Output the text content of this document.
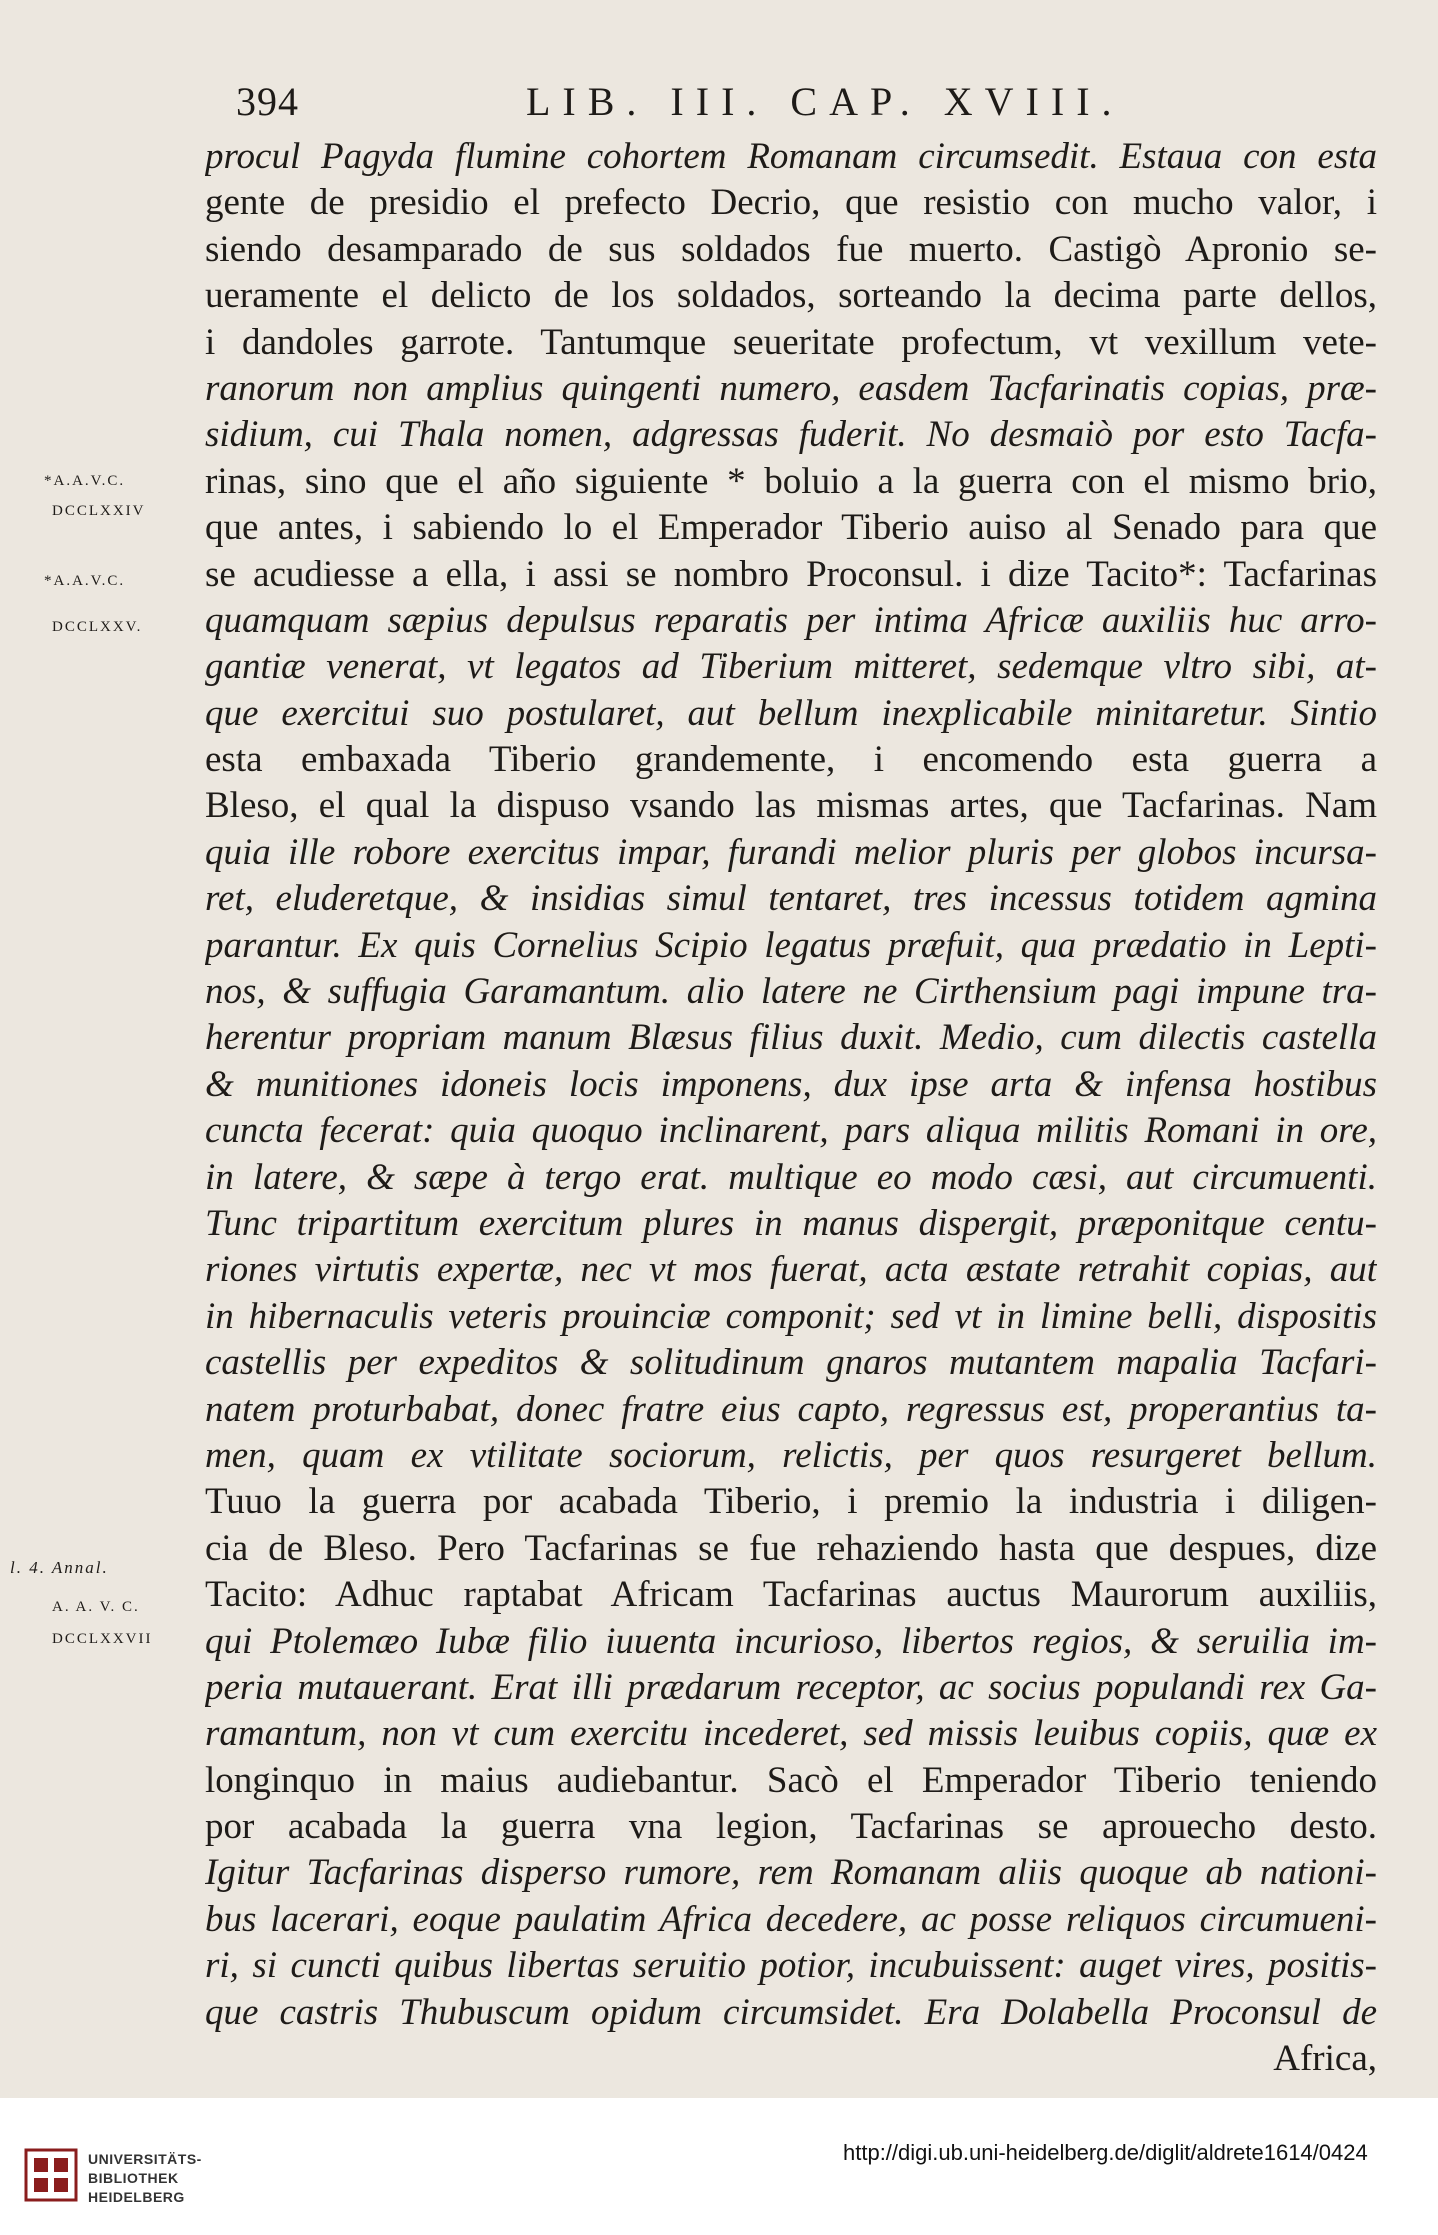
394	LIB. III. CAP. XVIII.
*A.A.V.C.
DCCLXXIV
*A.A.V.C.
DCCLXXV.
l. 4. Annal.
A. A. V. C.
DCCLXXVII
procul Pagyda flumine cohortem Romanam circumsedit. Estaua con esta
gente de presidio el prefecto Decrio, que resistio con mucho valor, i
siendo desamparado de sus soldados fue muerto. Castigò Apronio se-
ueramente el delicto de los soldados, sorteando la decima parte dellos,
i dandoles garrote. Tantumque seueritate profectum, vt vexillum vete-
ranorum non amplius quingenti numero, easdem Tacfarinatis copias, præ-
sidium, cui Thala nomen, adgressas fuderit. No desmaiò por esto Tacfa-
rinas, sino que el año siguiente * boluio a la guerra con el mismo brio,
que antes, i sabiendo lo el Emperador Tiberio auiso al Senado para que
se acudiesse a ella, i assi se nombro Proconsul. i dize Tacito*: Tacfarinas
quamquam sæpius depulsus reparatis per intima Africæ auxiliis huc arro-
gantiæ venerat, vt legatos ad Tiberium mitteret, sedemque vltro sibi, at-
que exercitui suo postularet, aut bellum inexplicabile minitaretur. Sintio
esta embaxada Tiberio grandemente, i encomendo esta guerra a
Bleso, el qual la dispuso vsando las mismas artes, que Tacfarinas. Nam
quia ille robore exercitus impar, furandi melior pluris per globos incursa-
ret, eluderetque, & insidias simul tentaret, tres incessus totidem agmina
parantur. Ex quis Cornelius Scipio legatus præfuit, qua prædatio in Lepti-
nos, & suffugia Garamantum. alio latere ne Cirthensium pagi impune tra-
herentur propriam manum Blæsus filius duxit. Medio, cum dilectis castella
& munitiones idoneis locis imponens, dux ipse arta & infensa hostibus
cuncta fecerat: quia quoquo inclinarent, pars aliqua militis Romani in ore,
in latere, & sæpe à tergo erat. multique eo modo cæsi, aut circumuenti.
Tunc tripartitum exercitum plures in manus dispergit, præponitque centu-
riones virtutis expertæ, nec vt mos fuerat, acta æstate retrahit copias, aut
in hibernaculis veteris prouinciæ componit; sed vt in limine belli, dispositis
castellis per expeditos & solitudinum gnaros mutantem mapalia Tacfari-
natem proturbabat, donec fratre eius capto, regressus est, properantius ta-
men, quam ex vtilitate sociorum, relictis, per quos resurgeret bellum.
Tuuo la guerra por acabada Tiberio, i premio la industria i diligen-
cia de Bleso. Pero Tacfarinas se fue rehaziendo hasta que despues, dize
Tacito: Adhuc raptabat Africam Tacfarinas auctus Maurorum auxiliis,
qui Ptolemæo Iubæ filio iuuenta incurioso, libertos regios, & seruilia im-
peria mutauerant. Erat illi prædarum receptor, ac socius populandi rex Ga-
ramantum, non vt cum exercitu incederet, sed missis leuibus copiis, quæ ex
longinquo in maius audiebantur. Sacò el Emperador Tiberio teniendo
por acabada la guerra vna legion, Tacfarinas se aprouecho desto.
Igitur Tacfarinas disperso rumore, rem Romanam aliis quoque ab nationi-
bus lacerari, eoque paulatim Africa decedere, ac posse reliquos circumueni-
ri, si cuncti quibus libertas seruitio potior, incubuissent: auget vires, positis-
que castris Thubuscum opidum circumsidet. Era Dolabella Proconsul de
Africa,
UNIVERSITÄTS-
BIBLIOTHEK
HEIDELBERG
http://digi.ub.uni-heidelberg.de/diglit/aldrete1614/0424
